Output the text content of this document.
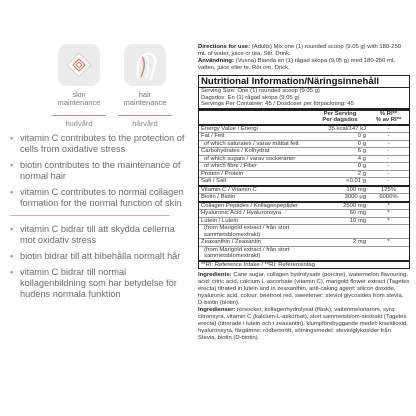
skin
maintenance
hudvård
hair
maintenance
hårvård
• vitamin C contributes to the protection of cells from oxidative stress
• biotin contributes to the maintenance of normal hair
• vitamin C contributes to normal collagen formation for the normal function of skin
• vitamin C bidrar till att skydda cellerna mot oxidativ stress
• biotin bidrar till att bibehålla normalt hår
• vitamin C bidrar till normal kollagenbildning som har betydelse för hudens normala funktion
Directions for use: (Adults) Mix one (1) rounded scoop (9.05 g) with 180-250 mL of water, juice or tea. Stir. Drink.
Användning: (Vuxna) Blanda en (1) rågad skopa (9,05 g) med 180-250 mL vatten, juice eller te. Rör om. Drick.
Nutritional Information/Näringsinnehåll
Serving Size: One (1) rounded scoop (9.05 g)
Dagsdos: En (1) rågad skopa (9.05 g)
Servings Per Container: 45 / Dosdoser per förpackning: 45
Per Serving
Per dagsdos
% RI**
% av RI**
Energy Value / Energi	35 kcal/147 kJ	-
Fat / Fett	0 g	-
of which saturates / varav mättat fett	0 g	-
Carbohydrates / Kolhydrat	6 g	-
of which sugars / varav sockerarter	4 g	-
of which fibre / Fiber	0 g	-
Protein / Protein	2 g	-
Salt / Salt	<0.01 g	-
Vitamin C / Vitamin C	100 mg	125%
Biotin / Biotin	3000 µg	6000%
Collagen Peptides / Kollagenpeptider	2500 mg	*
Hyaluronic Acid / Hyaluronsyra	60 mg	*
Lutein / Lutein	10 mg	*
(from Marigold extract / från stort sammetsblomextrakt)
Zeaxanthin / Zeaxantin	2 mg	*
(from Marigold extract / från stort sammetsblomextrakt)
**RI: Reference Intake / **RI: Referensintag
Ingredients: Cane sugar, collagen hydrolysate (porcine), watermelon flavouring, acid: citric acid, calcium L-ascorbate (vitamin C), marigold flower extract (Tagetes erecta) titrated in lutein and in zeaxanthin, anti-caking agent: silicon dioxide, hyaluronic acid, colour: beetroot red, sweetener: steviol glycosides from stevia, D-biotin (biotin).
Ingredienser: rörsocker, kollagenhydrolysat (fläsk), vattenmelonarom, syra: citronsyra, vitamin C (kalcium-L-askorbat), stort sammetsblom-sextrakt (Tagetes erecta) (titrerade i lutein och i zeaxantin), klumpförebyggande medel: kiseldioxid, hyaluronsyra, färgämne: rödbetsrött, sötningsmedel: steviolglykosider från Stevia, biotin (D-biotin).
